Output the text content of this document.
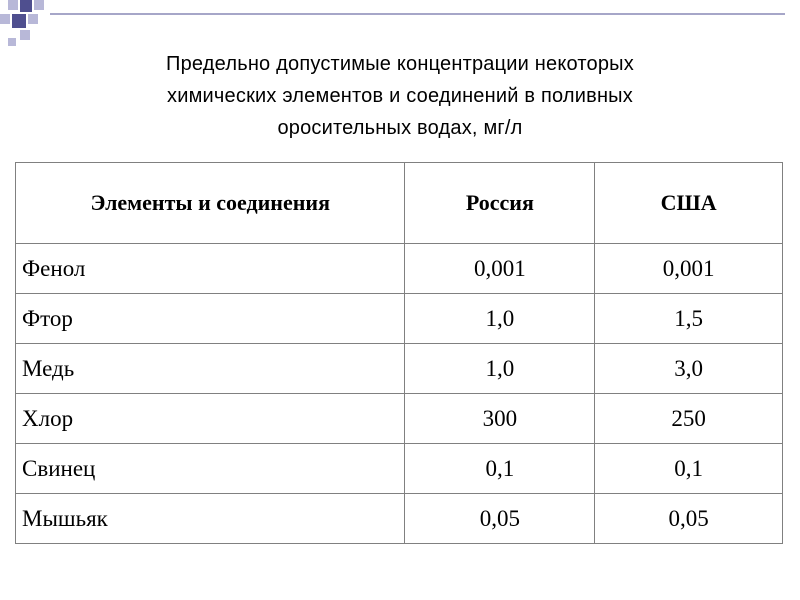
Предельно допустимые концентрации некоторых
химических элементов и соединений в поливных
оросительных водах, мг/л
Элементы и соединения	Россия	США
Фенол	0,001	0,001
Фтор	1,0	1,5
Медь	1,0	3,0
Хлор	300	250
Свинец	0,1	0,1
Мышьяк	0,05	0,05
